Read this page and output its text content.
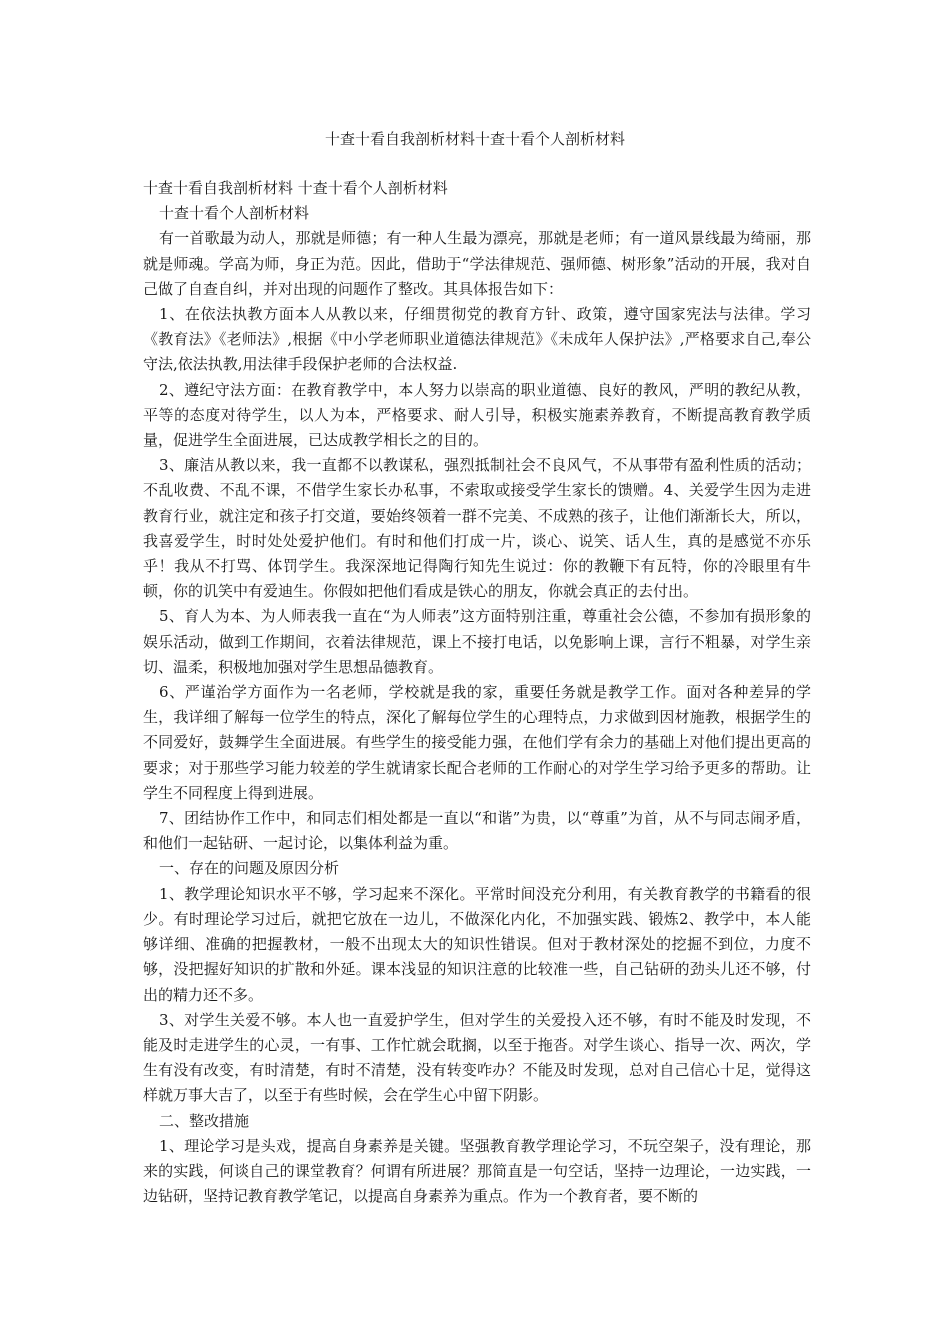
十查十看自我剖析材料十查十看个人剖析材料

十查十看自我剖析材料 十查十看个人剖析材料

十查十看个人剖析材料

有一首歌最为动人，那就是师德；有一种人生最为漂亮，那就是老师；有一道风景线最为绮丽，那就是师魂。学高为师，身正为范。因此，借助于“学法律规范、强师德、树形象”活动的开展，我对自己做了自查自纠，并对出现的问题作了整改。其具体报告如下：

1、在依法执教方面本人从教以来，仔细贯彻党的教育方针、政策，遵守国家宪法与法律。学习《教育法》《老师法》,根据《中小学老师职业道德法律规范》《未成年人保护法》,严格要求自己,奉公守法,依法执教,用法律手段保护老师的合法权益.

2、遵纪守法方面：在教育教学中，本人努力以崇高的职业道德、良好的教风，严明的教纪从教，平等的态度对待学生，以人为本，严格要求、耐人引导，积极实施素养教育，不断提高教育教学质量，促进学生全面进展，已达成教学相长之的目的。

3、廉洁从教以来，我一直都不以教谋私，强烈抵制社会不良风气，不从事带有盈利性质的活动；不乱收费、不乱不课，不借学生家长办私事，不索取或接受学生家长的馈赠。4、关爱学生因为走进教育行业，就注定和孩子打交道，要始终领着一群不完美、不成熟的孩子，让他们渐渐长大，所以，我喜爱学生，时时处处爱护他们。有时和他们打成一片，谈心、说笑、话人生，真的是感觉不亦乐乎！我从不打骂、体罚学生。我深深地记得陶行知先生说过：你的教鞭下有瓦特，你的冷眼里有牛顿，你的讥笑中有爱迪生。你假如把他们看成是铁心的朋友，你就会真正的去付出。

5、育人为本、为人师表我一直在“为人师表”这方面特别注重，尊重社会公德，不参加有损形象的娱乐活动，做到工作期间，衣着法律规范，课上不接打电话，以免影响上课，言行不粗暴，对学生亲切、温柔，积极地加强对学生思想品德教育。

6、严谨治学方面作为一名老师，学校就是我的家，重要任务就是教学工作。面对各种差异的学生，我详细了解每一位学生的特点，深化了解每位学生的心理特点，力求做到因材施教，根据学生的不同爱好，鼓舞学生全面进展。有些学生的接受能力强，在他们学有余力的基础上对他们提出更高的要求；对于那些学习能力较差的学生就请家长配合老师的工作耐心的对学生学习给予更多的帮助。让学生不同程度上得到进展。

7、团结协作工作中，和同志们相处都是一直以“和谐”为贵，以“尊重”为首，从不与同志闹矛盾，和他们一起钻研、一起讨论，以集体利益为重。

一、存在的问题及原因分析

1、教学理论知识水平不够，学习起来不深化。平常时间没充分利用，有关教育教学的书籍看的很少。有时理论学习过后，就把它放在一边儿，不做深化内化，不加强实践、锻炼2、教学中，本人能够详细、准确的把握教材，一般不出现太大的知识性错误。但对于教材深处的挖掘不到位，力度不够，没把握好知识的扩散和外延。课本浅显的知识注意的比较准一些，自己钻研的劲头儿还不够，付出的精力还不多。

3、对学生关爱不够。本人也一直爱护学生，但对学生的关爱投入还不够，有时不能及时发现，不能及时走进学生的心灵，一有事、工作忙就会耽搁，以至于拖沓。对学生谈心、指导一次、两次，学生有没有改变，有时清楚，有时不清楚，没有转变咋办？不能及时发现，总对自己信心十足，觉得这样就万事大吉了，以至于有些时候，会在学生心中留下阴影。

二、整改措施

1、理论学习是头戏，提高自身素养是关键。坚强教育教学理论学习，不玩空架子，没有理论，那来的实践，何谈自己的课堂教育？何谓有所进展？那简直是一句空话，坚持一边理论，一边实践，一边钻研，坚持记教育教学笔记，以提高自身素养为重点。作为一个教育者，要不断的
